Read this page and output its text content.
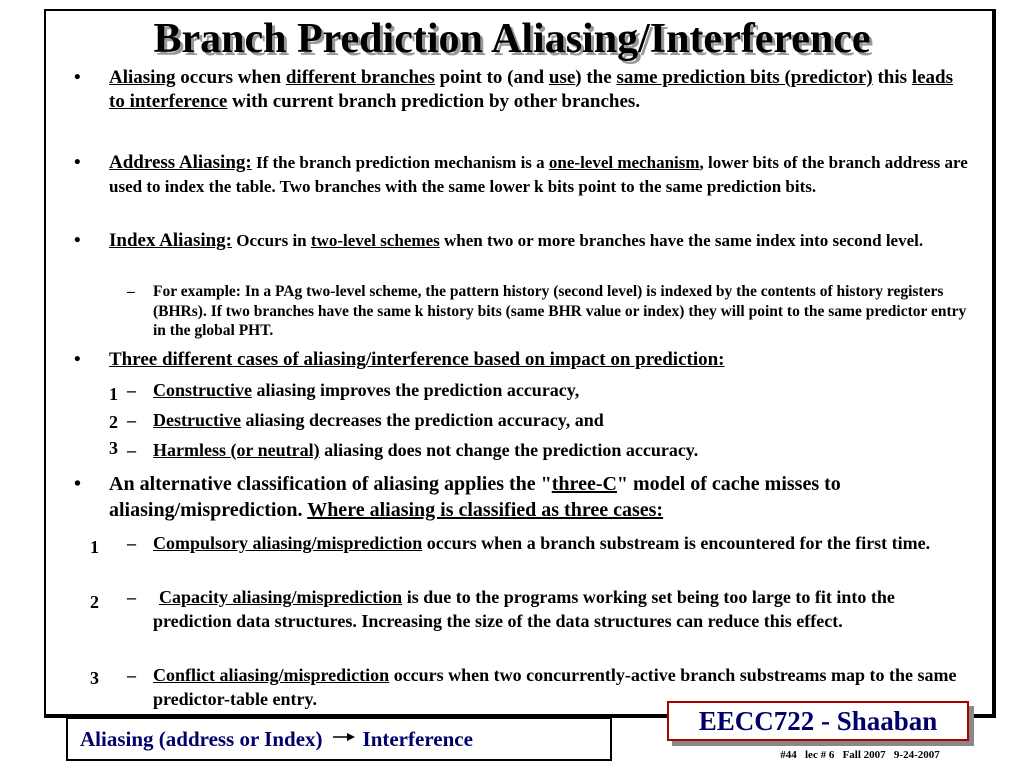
Branch Prediction Aliasing/Interference
• Aliasing occurs when different branches point to (and use) the same prediction bits (predictor) this leads to interference with current branch prediction by other branches.
• Address Aliasing: If the branch prediction mechanism is a one-level mechanism, lower bits of the branch address are used to index the table. Two branches with the same lower k bits point to the same prediction bits.
• Index Aliasing: Occurs in two-level schemes when two or more branches have the same index into second level.
– For example: In a PAg two-level scheme, the pattern history (second level) is indexed by the contents of history registers (BHRs). If two branches have the same k history bits (same BHR value or index) they will point to the same predictor entry in the global PHT.
• Three different cases of aliasing/interference based on impact on prediction:
1 – Constructive aliasing improves the prediction accuracy,
2 – Destructive aliasing decreases the prediction accuracy, and
3 – Harmless (or neutral) aliasing does not change the prediction accuracy.
• An alternative classification of aliasing applies the "three-C" model of cache misses to aliasing/misprediction. Where aliasing is classified as three cases:
1 – Compulsory aliasing/misprediction occurs when a branch substream is encountered for the first time.
2 – Capacity aliasing/misprediction is due to the programs working set being too large to fit into the prediction data structures. Increasing the size of the data structures can reduce this effect.
3 – Conflict aliasing/misprediction occurs when two concurrently-active branch substreams map to the same predictor-table entry.
Aliasing (address or Index) Interference
EECC722 - Shaaban
#44   lec # 6   Fall 2007   9-24-2007
